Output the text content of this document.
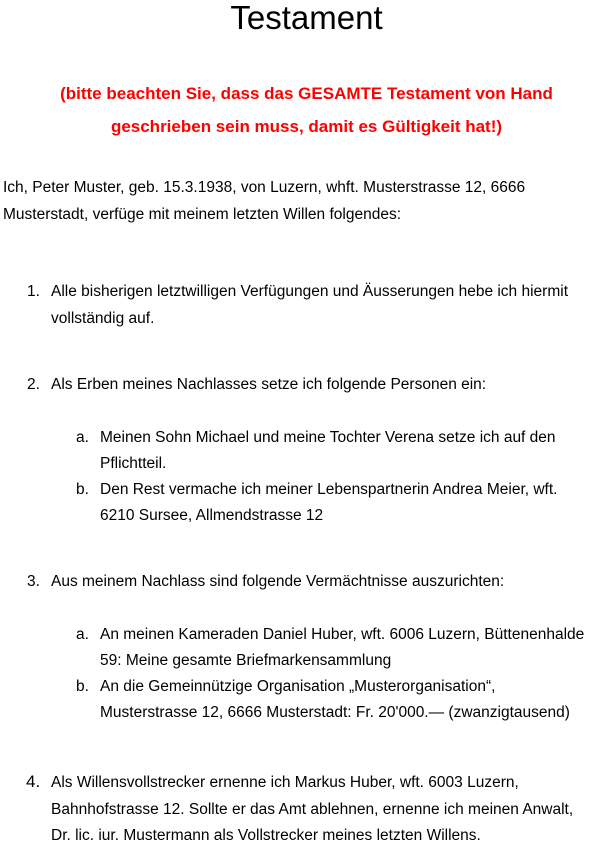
Testament
(bitte beachten Sie, dass das GESAMTE Testament von Hand
geschrieben sein muss, damit es Gültigkeit hat!)
Ich, Peter Muster, geb. 15.3.1938, von Luzern, whft. Musterstrasse 12, 6666
Musterstadt, verfüge mit meinem letzten Willen folgendes:
1. Alle bisherigen letztwilligen Verfügungen und Äusserungen hebe ich hiermit
vollständig auf.
2. Als Erben meines Nachlasses setze ich folgende Personen ein:
a. Meinen Sohn Michael und meine Tochter Verena setze ich auf den
Pflichtteil.
b. Den Rest vermache ich meiner Lebenspartnerin Andrea Meier, wft.
6210 Sursee, Allmendstrasse 12
3. Aus meinem Nachlass sind folgende Vermächtnisse auszurichten:
a. An meinen Kameraden Daniel Huber, wft. 6006 Luzern, Büttenenhalde
59: Meine gesamte Briefmarkensammlung
b. An die Gemeinnützige Organisation „Musterorganisation“,
Musterstrasse 12, 6666 Musterstadt: Fr. 20'000.— (zwanzigtausend)
4. Als Willensvollstrecker ernenne ich Markus Huber, wft. 6003 Luzern,
Bahnhofstrasse 12. Sollte er das Amt ablehnen, ernenne ich meinen Anwalt,
Dr. lic. iur. Mustermann als Vollstrecker meines letzten Willens.
